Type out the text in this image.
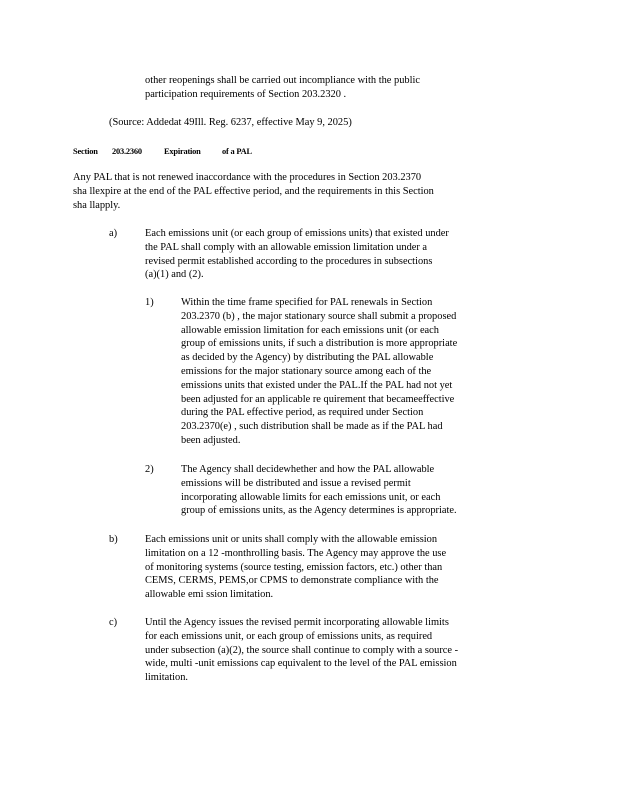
other reopenings shall be carried out incompliance with the public
participation requirements of Section 203.2320 .
(Source: Addedat 49Ill. Reg. 6237, effective May 9, 2025)
Section 203.2360	Expiration	of a PAL
Any PAL that is not renewed inaccordance with the procedures in Section 203.2370
sha llexpire at the end of the PAL effective period, and the requirements in this Section
sha llapply.
a)	Each emissions unit (or each group of emissions units) that existed under
the PAL shall comply with an allowable emission limitation under a
revised permit established according to the procedures in subsections
(a)(1) and (2).
1)	Within the time frame specified for PAL renewals in Section
203.2370 (b) , the major stationary source shall submit a proposed
allowable emission limitation for each emissions unit (or each
group of emissions units, if such a distribution is more appropriate
as decided by the Agency) by distributing the PAL allowable
emissions for the major stationary source among each of the
emissions units that existed under the PAL.If the PAL had not yet
been adjusted for an applicable re quirement that becameeffective
during the PAL effective period, as required under Section
203.2370(e) , such distribution shall be made as if the PAL had
been adjusted.
2)	The Agency shall decidewhether and how the PAL allowable
emissions will be distributed and issue a revised permit
incorporating allowable limits for each emissions unit, or each
group of emissions units, as the Agency determines is appropriate.
b)	Each emissions unit or units shall comply with the allowable emission
limitation on a 12 -monthrolling basis. The Agency may approve the use
of monitoring systems (source testing, emission factors, etc.) other than
CEMS, CERMS, PEMS,or CPMS to demonstrate compliance with the
allowable emi ssion limitation.
c)	Until the Agency issues the revised permit incorporating allowable limits
for each emissions unit, or each group of emissions units, as required
under subsection (a)(2), the source shall continue to comply with a source -
wide, multi -unit emissions cap equivalent to the level of the PAL emission
limitation.
